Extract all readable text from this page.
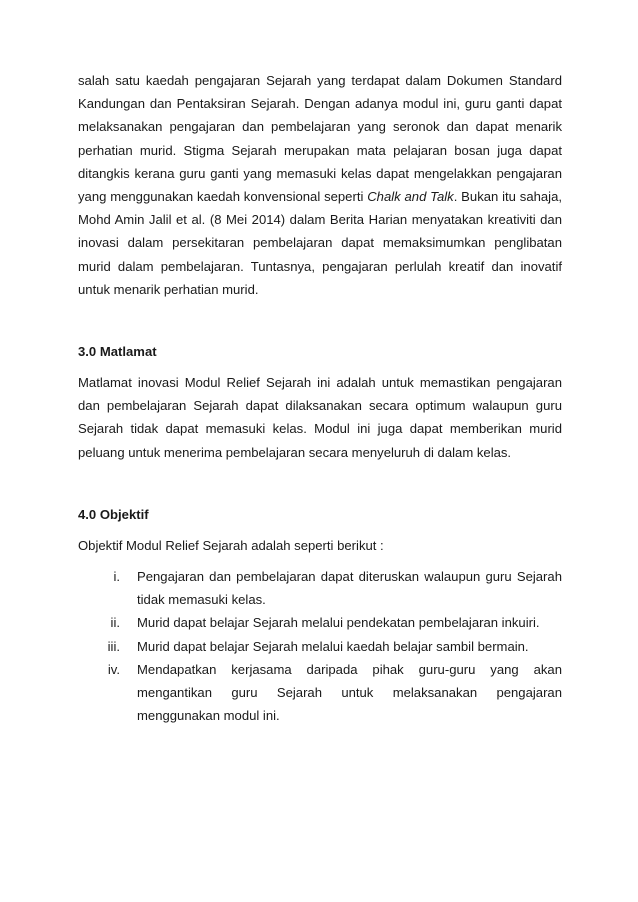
salah satu kaedah pengajaran Sejarah yang terdapat dalam Dokumen Standard Kandungan dan Pentaksiran Sejarah. Dengan adanya modul ini, guru ganti dapat melaksanakan pengajaran dan pembelajaran yang seronok dan dapat menarik perhatian murid. Stigma Sejarah merupakan mata pelajaran bosan juga dapat ditangkis kerana guru ganti yang memasuki kelas dapat mengelakkan pengajaran yang menggunakan kaedah konvensional seperti Chalk and Talk. Bukan itu sahaja, Mohd Amin Jalil et al. (8 Mei 2014) dalam Berita Harian menyatakan kreativiti dan inovasi dalam persekitaran pembelajaran dapat memaksimumkan penglibatan murid dalam pembelajaran. Tuntasnya, pengajaran perlulah kreatif dan inovatif untuk menarik perhatian murid.

3.0 Matlamat

Matlamat inovasi Modul Relief Sejarah ini adalah untuk memastikan pengajaran dan pembelajaran Sejarah dapat dilaksanakan secara optimum walaupun guru Sejarah tidak dapat memasuki kelas. Modul ini juga dapat memberikan murid peluang untuk menerima pembelajaran secara menyeluruh di dalam kelas.

4.0 Objektif

Objektif Modul Relief Sejarah adalah seperti berikut :

i.	Pengajaran dan pembelajaran dapat diteruskan walaupun guru Sejarah tidak memasuki kelas.
ii.	Murid dapat belajar Sejarah melalui pendekatan pembelajaran inkuiri.
iii.	Murid dapat belajar Sejarah melalui kaedah belajar sambil bermain.
iv.	Mendapatkan kerjasama daripada pihak guru-guru yang akan mengantikan guru Sejarah untuk melaksanakan pengajaran menggunakan modul ini.
